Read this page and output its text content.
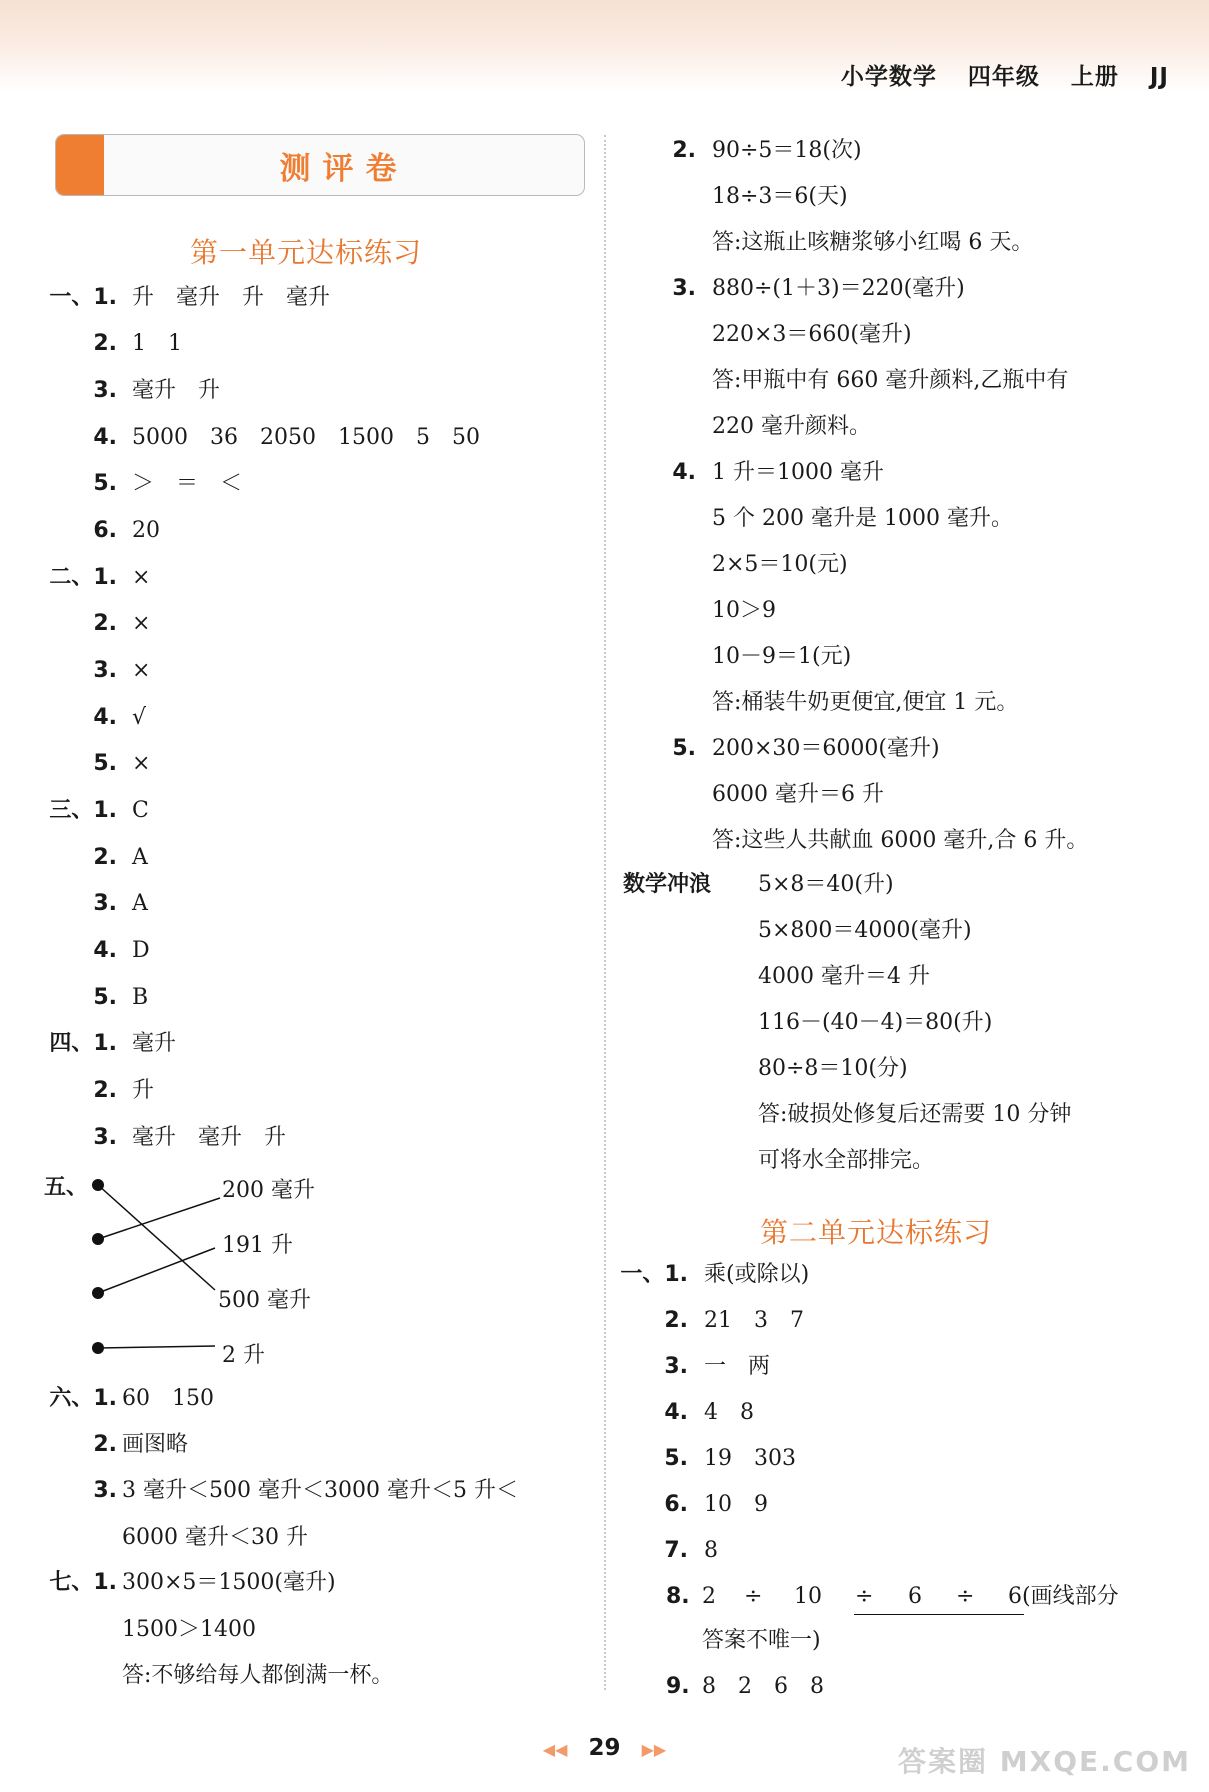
小学数学 四年级 上册 JJ
测评卷
第一单元达标练习
第二单元达标练习
一、1. 升　毫升　升　毫升
2. 1　1
3. 毫升　升
4. 5000　36　2050　1500　5　50
5. ＞　＝　＜
6. 20
二、1. ×
2. ×
3. ×
4. √
5. ×
三、1. C
2. A
3. A
4. D
5. B
四、1. 毫升
2. 升
3. 毫升　毫升　升
六、1. 60　150
2. 画图略
3. 3 毫升＜500 毫升＜3000 毫升＜5 升＜
6000 毫升＜30 升
七、1. 300×5＝1500(毫升)
1500＞1400
答:不够给每人都倒满一杯。
五、	200 毫升
191 升
500 毫升
2 升
2. 90÷5＝18(次)
18÷3＝6(天)
答:这瓶止咳糖浆够小红喝 6 天。
3. 880÷(1＋3)＝220(毫升)
220×3＝660(毫升)
答:甲瓶中有 660 毫升颜料,乙瓶中有
220 毫升颜料。
4. 1 升＝1000 毫升
5 个 200 毫升是 1000 毫升。
2×5＝10(元)
10＞9
10－9＝1(元)
答:桶装牛奶更便宜,便宜 1 元。
5. 200×30＝6000(毫升)
6000 毫升＝6 升
答:这些人共献血 6000 毫升,合 6 升。
5×8＝40(升)
5×800＝4000(毫升)
4000 毫升＝4 升
116－(40－4)＝80(升)
80÷8＝10(分)
答:破损处修复后还需要 10 分钟
可将水全部排完。
一、1. 乘(或除以)
2. 21　3　7
3. 一　两
4. 4　8
5. 19　303
6. 10　9
7. 8
数学冲浪
8. 2 ÷ 10 ÷ 6 ÷ 6 (画线部分
答案不唯一)
9. 8　2　6　8
◀◀ 29 ▶▶	答案圈 MXQE.COM
